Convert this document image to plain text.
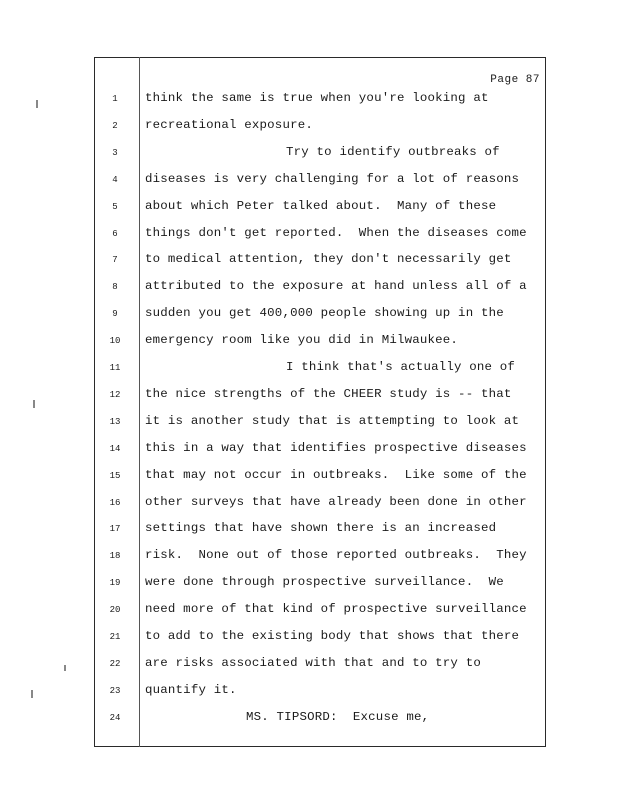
Page 87
1	think the same is true when you're looking at
2	recreational exposure.
3	Try to identify outbreaks of
4	diseases is very challenging for a lot of reasons
5	about which Peter talked about.  Many of these
6	things don't get reported.  When the diseases come
7	to medical attention, they don't necessarily get
8	attributed to the exposure at hand unless all of a
9	sudden you get 400,000 people showing up in the
10	emergency room like you did in Milwaukee.
11	I think that's actually one of
12	the nice strengths of the CHEER study is -- that
13	it is another study that is attempting to look at
14	this in a way that identifies prospective diseases
15	that may not occur in outbreaks.  Like some of the
16	other surveys that have already been done in other
17	settings that have shown there is an increased
18	risk.  None out of those reported outbreaks.  They
19	were done through prospective surveillance.  We
20	need more of that kind of prospective surveillance
21	to add to the existing body that shows that there
22	are risks associated with that and to try to
23	quantify it.
24	MS. TIPSORD:  Excuse me,
